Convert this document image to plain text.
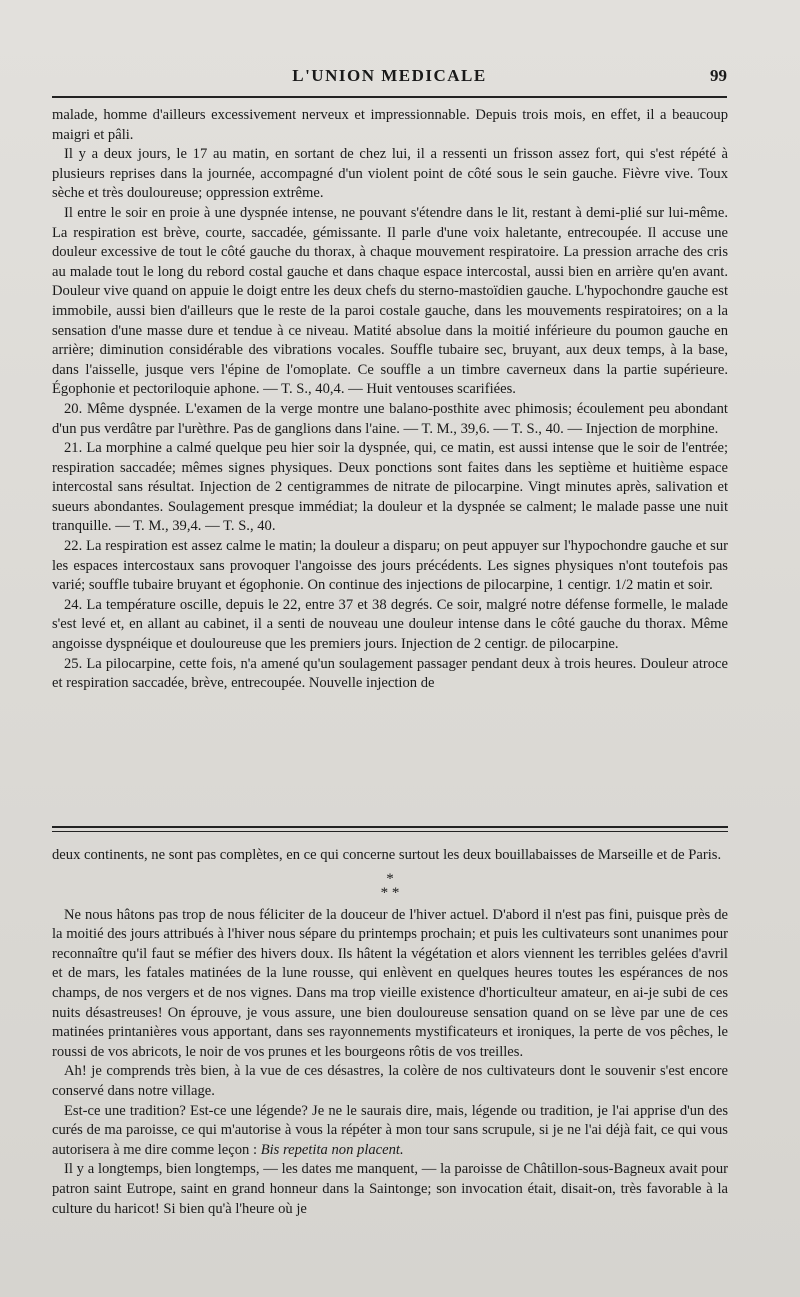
L'UNION MEDICALE	99

malade, homme d'ailleurs excessivement nerveux et impressionnable. Depuis trois mois, en effet, il a beaucoup maigri et pâli.

Il y a deux jours, le 17 au matin, en sortant de chez lui, il a ressenti un frisson assez fort, qui s'est répété à plusieurs reprises dans la journée, accompagné d'un violent point de côté sous le sein gauche. Fièvre vive. Toux sèche et très douloureuse; oppression extrême.

Il entre le soir en proie à une dyspnée intense, ne pouvant s'étendre dans le lit, restant à demi-plié sur lui-même. La respiration est brève, courte, saccadée, gémissante. Il parle d'une voix haletante, entrecoupée. Il accuse une douleur excessive de tout le côté gauche du thorax, à chaque mouvement respiratoire. La pression arrache des cris au malade tout le long du rebord costal gauche et dans chaque espace intercostal, aussi bien en arrière qu'en avant. Douleur vive quand on appuie le doigt entre les deux chefs du sterno-mastoïdien gauche. L'hypochondre gauche est immobile, aussi bien d'ailleurs que le reste de la paroi costale gauche, dans les mouvements respiratoires; on a la sensation d'une masse dure et tendue à ce niveau. Matité absolue dans la moitié inférieure du poumon gauche en arrière; diminution considérable des vibrations vocales. Souffle tubaire sec, bruyant, aux deux temps, à la base, dans l'aisselle, jusque vers l'épine de l'omoplate. Ce souffle a un timbre caverneux dans la partie supérieure. Égophonie et pectoriloquie aphone. — T. S., 40,4. — Huit ventouses scarifiées.

20. Même dyspnée. L'examen de la verge montre une balano-posthite avec phimosis; écoulement peu abondant d'un pus verdâtre par l'urèthre. Pas de ganglions dans l'aine. — T. M., 39,6. — T. S., 40. — Injection de morphine.

21. La morphine a calmé quelque peu hier soir la dyspnée, qui, ce matin, est aussi intense que le soir de l'entrée; respiration saccadée; mêmes signes physiques. Deux ponctions sont faites dans les septième et huitième espace intercostal sans résultat. Injection de 2 centigrammes de nitrate de pilocarpine. Vingt minutes après, salivation et sueurs abondantes. Soulagement presque immédiat; la douleur et la dyspnée se calment; le malade passe une nuit tranquille. — T. M., 39,4. — T. S., 40.

22. La respiration est assez calme le matin; la douleur a disparu; on peut appuyer sur l'hypochondre gauche et sur les espaces intercostaux sans provoquer l'angoisse des jours précédents. Les signes physiques n'ont toutefois pas varié; souffle tubaire bruyant et égophonie. On continue des injections de pilocarpine, 1 centigr. 1/2 matin et soir.

24. La température oscille, depuis le 22, entre 37 et 38 degrés. Ce soir, malgré notre défense formelle, le malade s'est levé et, en allant au cabinet, il a senti de nouveau une douleur intense dans le côté gauche du thorax. Même angoisse dyspnéique et douloureuse que les premiers jours. Injection de 2 centigr. de pilocarpine.

25. La pilocarpine, cette fois, n'a amené qu'un soulagement passager pendant deux à trois heures. Douleur atroce et respiration saccadée, brève, entrecoupée. Nouvelle injection de

deux continents, ne sont pas complètes, en ce qui concerne surtout les deux bouillabaisses de Marseille et de Paris.

*
* *

Ne nous hâtons pas trop de nous féliciter de la douceur de l'hiver actuel. D'abord il n'est pas fini, puisque près de la moitié des jours attribués à l'hiver nous sépare du printemps prochain; et puis les cultivateurs sont unanimes pour reconnaître qu'il faut se méfier des hivers doux. Ils hâtent la végétation et alors viennent les terribles gelées d'avril et de mars, les fatales matinées de la lune rousse, qui enlèvent en quelques heures toutes les espérances de nos champs, de nos vergers et de nos vignes. Dans ma trop vieille existence d'horticulteur amateur, en ai-je subi de ces nuits désastreuses! On éprouve, je vous assure, une bien douloureuse sensation quand on se lève par une de ces matinées printanières vous apportant, dans ses rayonnements mystificateurs et ironiques, la perte de vos pêches, le roussi de vos abricots, le noir de vos prunes et les bourgeons rôtis de vos treilles.

Ah! je comprends très bien, à la vue de ces désastres, la colère de nos cultivateurs dont le souvenir s'est encore conservé dans notre village.

Est-ce une tradition? Est-ce une légende? Je ne le saurais dire, mais, légende ou tradition, je l'ai apprise d'un des curés de ma paroisse, ce qui m'autorise à vous la répéter à mon tour sans scrupule, si je ne l'ai déjà fait, ce qui vous autorisera à me dire comme leçon : Bis repetita non placent.

Il y a longtemps, bien longtemps, — les dates me manquent, — la paroisse de Châtillon-sous-Bagneux avait pour patron saint Eutrope, saint en grand honneur dans la Saintonge; son invocation était, disait-on, très favorable à la culture du haricot! Si bien qu'à l'heure où je
